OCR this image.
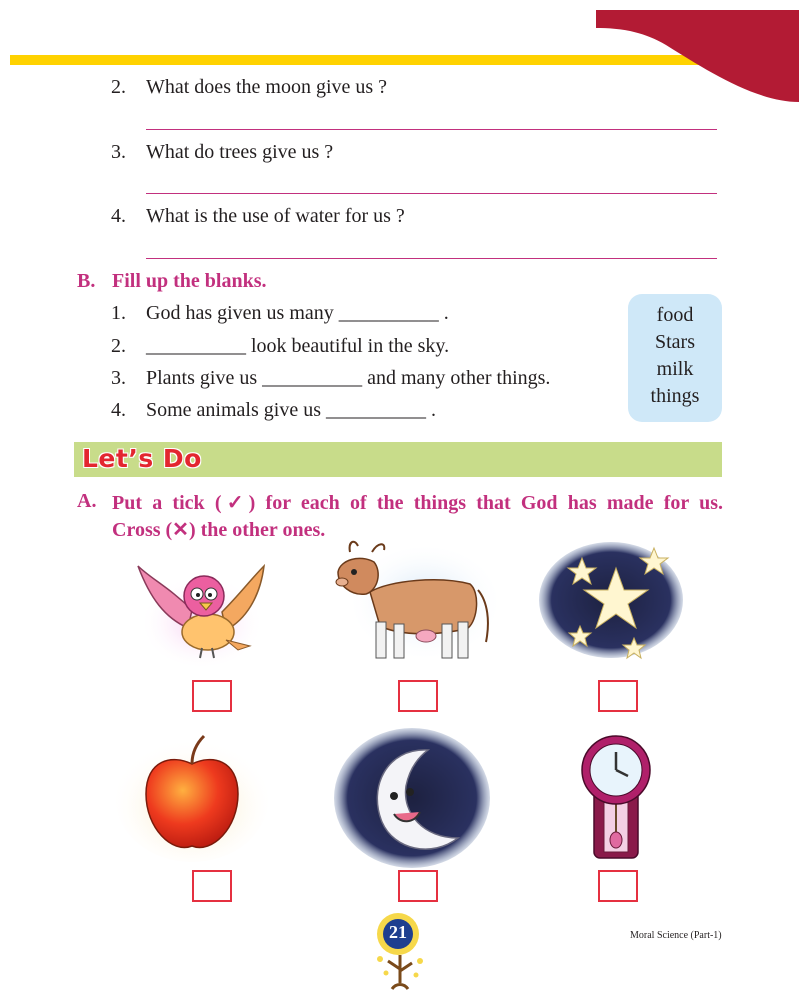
2.	What does the moon give us ?
3.	What do trees give us ?
4.	What is the use of water for us ?
B. Fill up the blanks.
1.	God has given us many __________ .
2.	__________ look beautiful in the sky.
3.	Plants give us __________ and many other things.
4.	Some animals give us __________ .
food
Stars
milk
things
Let’s Do
A. Put a tick (✓) for each of the things that God has made for us.
Cross (✕) the other ones.
21	Moral Science (Part-1)
